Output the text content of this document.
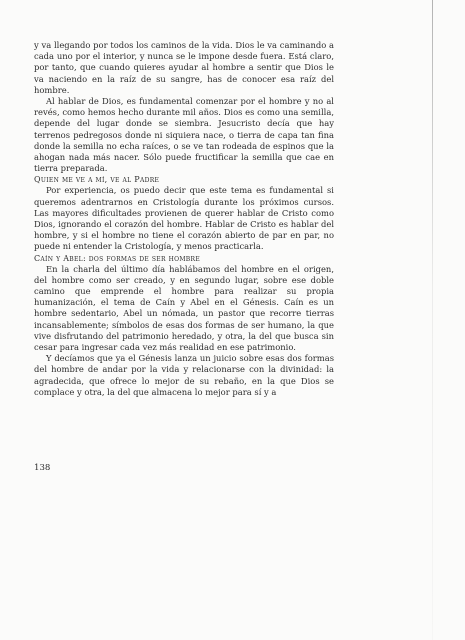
y va llegando por todos los caminos de la vida. Dios le va caminando a cada uno por el interior, y nunca se le impone desde fuera. Está claro, por tanto, que cuando quieres ayudar al hombre a sentir que Dios le va naciendo en la raíz de su sangre, has de conocer esa raíz del hombre.

Al hablar de Dios, es fundamental comenzar por el hombre y no al revés, como hemos hecho durante mil años. Dios es como una semilla, depende del lugar donde se siembra. Jesucristo decía que hay terrenos pedregosos donde ni siquiera nace, o tierra de capa tan fina donde la semilla no echa raíces, o se ve tan rodeada de espinos que la ahogan nada más nacer. Sólo puede fructificar la semilla que cae en tierra preparada.

Quien me ve a mí, ve al Padre

Por experiencia, os puedo decir que este tema es fundamental si queremos adentrarnos en Cristología durante los próximos cursos. Las mayores dificultades provienen de querer hablar de Cristo como Dios, ignorando el corazón del hombre. Hablar de Cristo es hablar del hombre, y si el hombre no tiene el corazón abierto de par en par, no puede ni entender la Cristología, y menos practicarla.

Caín y Abel: dos formas de ser hombre

En la charla del último día hablábamos del hombre en el origen, del hombre como ser creado, y en segundo lugar, sobre ese doble camino que emprende el hombre para realizar su propia humanización, el tema de Caín y Abel en el Génesis. Caín es un hombre sedentario, Abel un nómada, un pastor que recorre tierras incansablemente; símbolos de esas dos formas de ser humano, la que vive disfrutando del patrimonio heredado, y otra, la del que busca sin cesar para ingresar cada vez más realidad en ese patrimonio.

Y decíamos que ya el Génesis lanza un juicio sobre esas dos formas del hombre de andar por la vida y relacionarse con la divinidad: la agradecida, que ofrece lo mejor de su rebaño, en la que Dios se complace y otra, la del que almacena lo mejor para sí y a

138
